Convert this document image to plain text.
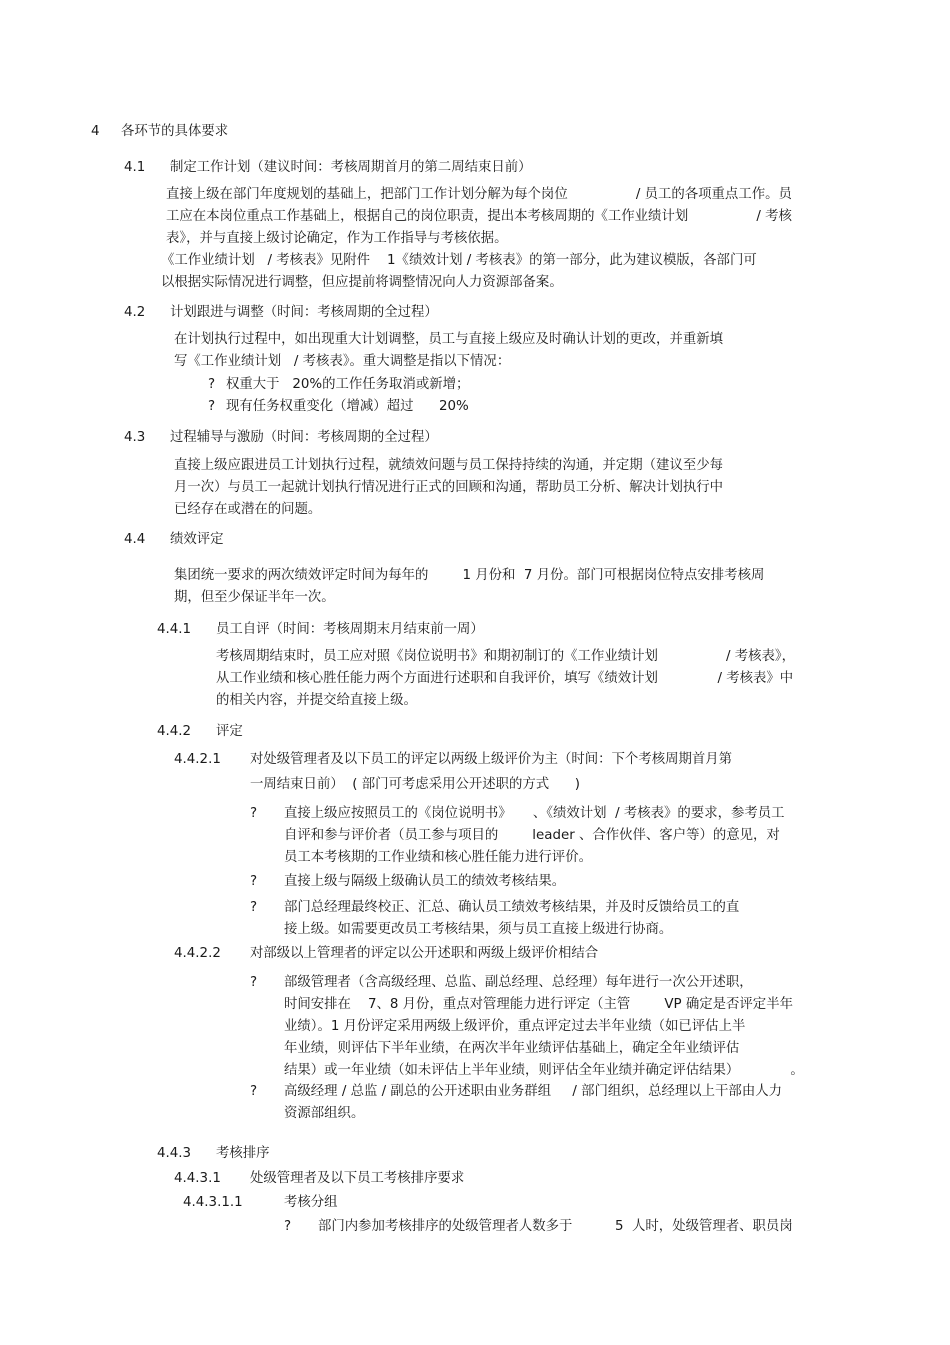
4 各环节的具体要求
4.1 制定工作计划（建议时间：考核周期首月的第二周结束日前）
直接上级在部门年度规划的基础上，把部门工作计划分解为每个岗位                / 员工的各项重点工作。员
工应在本岗位重点工作基础上，根据自己的岗位职责，提出本考核周期的《工作业绩计划                / 考核
表》，并与直接上级讨论确定，作为工作指导与考核依据。
《工作业绩计划   / 考核表》见附件    1《绩效计划 / 考核表》的第一部分，此为建议模版，各部门可
以根据实际情况进行调整，但应提前将调整情况向人力资源部备案。
4.2 计划跟进与调整（时间：考核周期的全过程）
在计划执行过程中，如出现重大计划调整，员工与直接上级应及时确认计划的更改，并重新填
写《工作业绩计划   / 考核表》。重大调整是指以下情况：
? 权重大于   20%的工作任务取消或新增；
? 现有任务权重变化（增减）超过      20%
4.3 过程辅导与激励（时间：考核周期的全过程）
直接上级应跟进员工计划执行过程，就绩效问题与员工保持持续的沟通，并定期（建议至少每
月一次）与员工一起就计划执行情况进行正式的回顾和沟通，帮助员工分析、解决计划执行中
已经存在或潜在的问题。
4.4 绩效评定
集团统一要求的两次绩效评定时间为每年的        1 月份和  7 月份。部门可根据岗位特点安排考核周
期，但至少保证半年一次。
4.4.1 员工自评（时间：考核周期末月结束前一周）
考核周期结束时，员工应对照《岗位说明书》和期初制订的《工作业绩计划                / 考核表》，
从工作业绩和核心胜任能力两个方面进行述职和自我评价，填写《绩效计划              / 考核表》中
的相关内容，并提交给直接上级。
4.4.2 评定
4.4.2.1 对处级管理者及以下员工的评定以两级上级评价为主（时间：下个考核周期首月第
一周结束日前）  ( 部门可考虑采用公开述职的方式      )
? 直接上级应按照员工的《岗位说明书》     、《绩效计划  / 考核表》的要求，参考员工
自评和参与评价者（员工参与项目的        leader 、合作伙伴、客户等）的意见，对
员工本考核期的工作业绩和核心胜任能力进行评价。
? 直接上级与隔级上级确认员工的绩效考核结果。
? 部门总经理最终校正、汇总、确认员工绩效考核结果，并及时反馈给员工的直
接上级。如需要更改员工考核结果，须与员工直接上级进行协商。
4.4.2.2 对部级以上管理者的评定以公开述职和两级上级评价相结合
? 部级管理者（含高级经理、总监、副总经理、总经理）每年进行一次公开述职，
时间安排在    7、8 月份，重点对管理能力进行评定（主管        VP 确定是否评定半年
业绩）。1 月份评定采用两级上级评价，重点评定过去半年业绩（如已评估上半
年业绩，则评估下半年业绩，在两次半年业绩评估基础上，确定全年业绩评估
结果）或一年业绩（如未评估上半年业绩，则评估全年业绩并确定评估结果）            。
? 高级经理 / 总监 / 副总的公开述职由业务群组     / 部门组织，总经理以上干部由人力
资源部组织。
4.4.3 考核排序
4.4.3.1 处级管理者及以下员工考核排序要求
4.4.3.1.1	考核分组
? 部门内参加考核排序的处级管理者人数多于          5  人时，处级管理者、职员岗
